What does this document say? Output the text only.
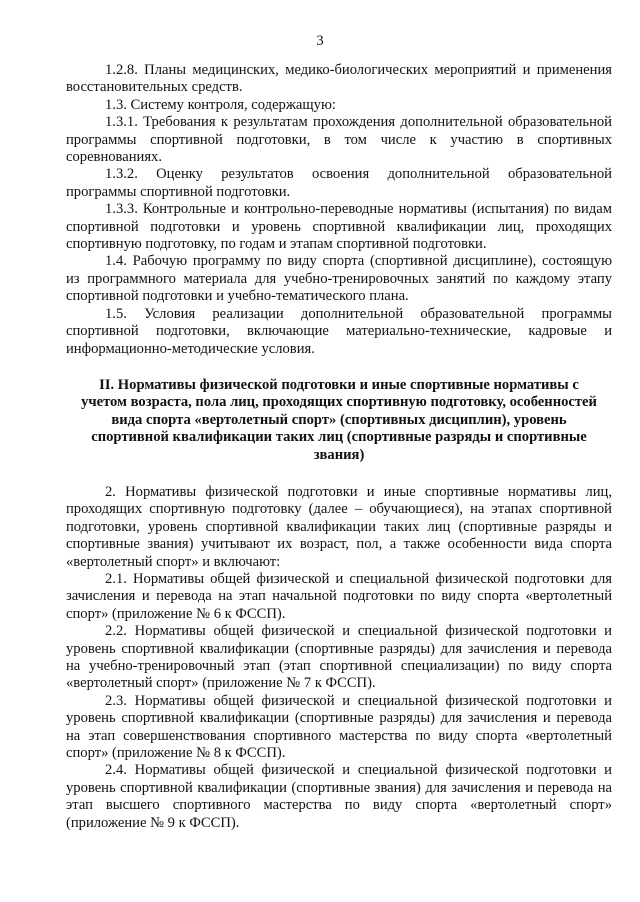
3

1.2.8. Планы медицинских, медико-биологических мероприятий и применения восстановительных средств.

1.3. Систему контроля, содержащую:

1.3.1. Требования к результатам прохождения дополнительной образовательной программы спортивной подготовки, в том числе к участию в спортивных соревнованиях.

1.3.2. Оценку результатов освоения дополнительной образовательной программы спортивной подготовки.

1.3.3. Контрольные и контрольно-переводные нормативы (испытания) по видам спортивной подготовки и уровень спортивной квалификации лиц, проходящих спортивную подготовку, по годам и этапам спортивной подготовки.

1.4. Рабочую программу по виду спорта (спортивной дисциплине), состоящую из программного материала для учебно-тренировочных занятий по каждому этапу спортивной подготовки и учебно-тематического плана.

1.5. Условия реализации дополнительной образовательной программы спортивной подготовки, включающие материально-технические, кадровые и информационно-методические условия.

II. Нормативы физической подготовки и иные спортивные нормативы с учетом возраста, пола лиц, проходящих спортивную подготовку, особенностей вида спорта «вертолетный спорт» (спортивных дисциплин), уровень спортивной квалификации таких лиц (спортивные разряды и спортивные звания)

2. Нормативы физической подготовки и иные спортивные нормативы лиц, проходящих спортивную подготовку (далее – обучающиеся), на этапах спортивной подготовки, уровень спортивной квалификации таких лиц (спортивные разряды и спортивные звания) учитывают их возраст, пол, а также особенности вида спорта «вертолетный спорт» и включают:

2.1. Нормативы общей физической и специальной физической подготовки для зачисления и перевода на этап начальной подготовки по виду спорта «вертолетный спорт» (приложение № 6 к ФССП).

2.2. Нормативы общей физической и специальной физической подготовки и уровень спортивной квалификации (спортивные разряды) для зачисления и перевода на учебно-тренировочный этап (этап спортивной специализации) по виду спорта «вертолетный спорт» (приложение № 7 к ФССП).

2.3. Нормативы общей физической и специальной физической подготовки и уровень спортивной квалификации (спортивные разряды) для зачисления и перевода на этап совершенствования спортивного мастерства по виду спорта «вертолетный спорт» (приложение № 8 к ФССП).

2.4. Нормативы общей физической и специальной физической подготовки и уровень спортивной квалификации (спортивные звания) для зачисления и перевода на этап высшего спортивного мастерства по виду спорта «вертолетный спорт» (приложение № 9 к ФССП).
